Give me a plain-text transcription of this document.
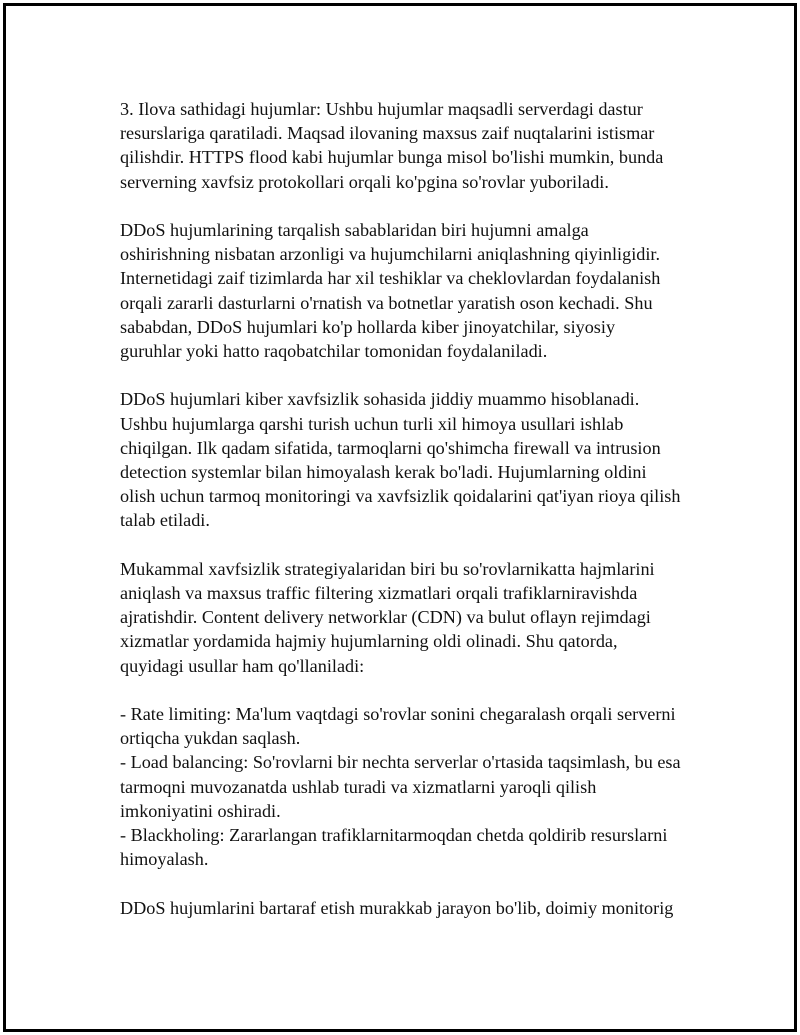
3. Ilova sathidagi hujumlar: Ushbu hujumlar maqsadli serverdagi dastur
resurslariga qaratiladi. Maqsad ilovaning maxsus zaif nuqtalarini istismar
qilishdir. HTTPS flood kabi hujumlar bunga misol bo'lishi mumkin, bunda
serverning xavfsiz protokollari orqali ko'pgina so'rovlar yuboriladi.

DDoS hujumlarining tarqalish sabablaridan biri hujumni amalga
oshirishning nisbatan arzonligi va hujumchilarni aniqlashning qiyinligidir.
Internetidagi zaif tizimlarda har xil teshiklar va cheklovlardan foydalanish
orqali zararli dasturlarni o'rnatish va botnetlar yaratish oson kechadi. Shu
sababdan, DDoS hujumlari ko'p hollarda kiber jinoyatchilar, siyosiy
guruhlar yoki hatto raqobatchilar tomonidan foydalaniladi.

DDoS hujumlari kiber xavfsizlik sohasida jiddiy muammo hisoblanadi.
Ushbu hujumlarga qarshi turish uchun turli xil himoya usullari ishlab
chiqilgan. Ilk qadam sifatida, tarmoqlarni qo'shimcha firewall va intrusion
detection systemlar bilan himoyalash kerak bo'ladi. Hujumlarning oldini
olish uchun tarmoq monitoringi va xavfsizlik qoidalarini qat'iyan rioya qilish
talab etiladi.

Mukammal xavfsizlik strategiyalaridan biri bu so'rovlarnikatta hajmlarini
aniqlash va maxsus traffic filtering xizmatlari orqali trafiklarniravishda
ajratishdir. Content delivery networklar (CDN) va bulut oflayn rejimdagi
xizmatlar yordamida hajmiy hujumlarning oldi olinadi. Shu qatorda,
quyidagi usullar ham qo'llaniladi:

- Rate limiting: Ma'lum vaqtdagi so'rovlar sonini chegaralash orqali serverni
ortiqcha yukdan saqlash.
- Load balancing: So'rovlarni bir nechta serverlar o'rtasida taqsimlash, bu esa
tarmoqni muvozanatda ushlab turadi va xizmatlarni yaroqli qilish
imkoniyatini oshiradi.
- Blackholing: Zararlangan trafiklarnitarmoqdan chetda qoldirib resurslarni
himoyalash.

DDoS hujumlarini bartaraf etish murakkab jarayon bo'lib, doimiy monitorig
